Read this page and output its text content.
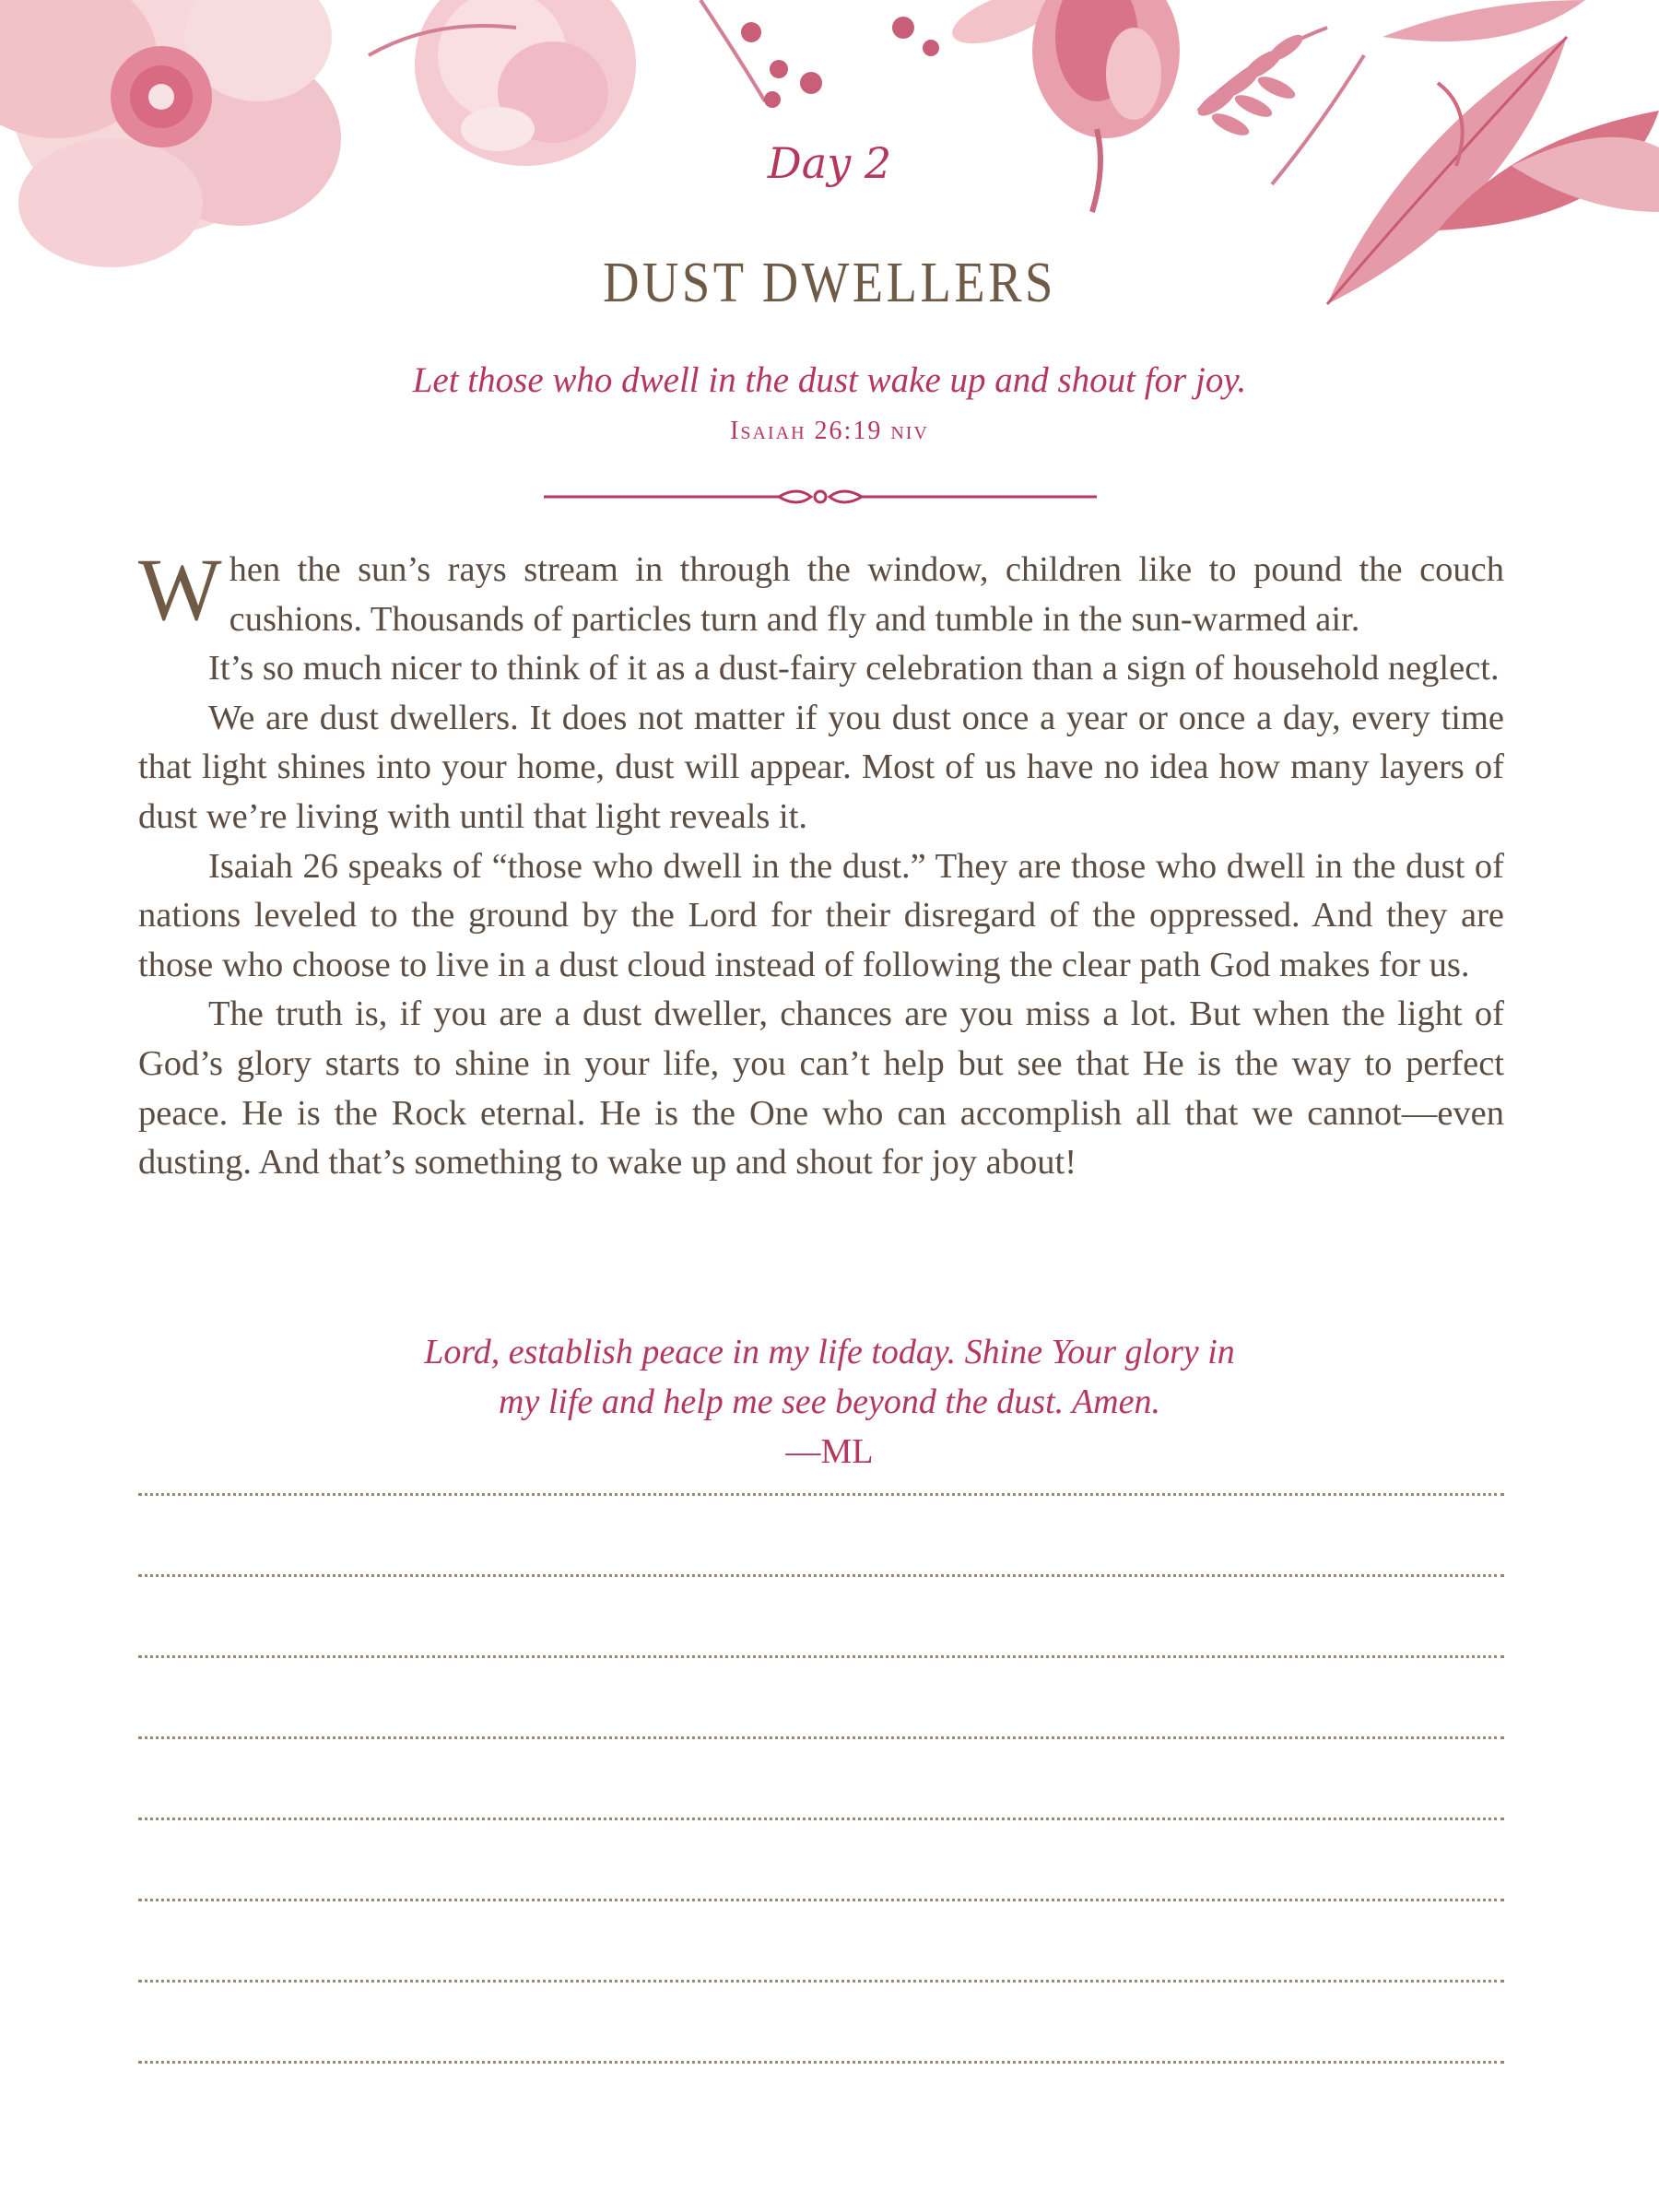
Day 2
DUST DWELLERS
Let those who dwell in the dust wake up and shout for joy.
Isaiah 26:19 niv

When the sun’s rays stream in through the window, children like to pound the couch cushions. Thousands of particles turn and fly and tumble in the sun-warmed air.

It’s so much nicer to think of it as a dust-fairy celebration than a sign of household neglect.

We are dust dwellers. It does not matter if you dust once a year or once a day, every time that light shines into your home, dust will appear. Most of us have no idea how many layers of dust we’re living with until that light reveals it.

Isaiah 26 speaks of “those who dwell in the dust.” They are those who dwell in the dust of nations leveled to the ground by the Lord for their disregard of the oppressed. And they are those who choose to live in a dust cloud instead of following the clear path God makes for us.

The truth is, if you are a dust dweller, chances are you miss a lot. But when the light of God’s glory starts to shine in your life, you can’t help but see that He is the way to perfect peace. He is the Rock eternal. He is the One who can accomplish all that we cannot—even dusting. And that’s something to wake up and shout for joy about!

Lord, establish peace in my life today. Shine Your glory in
my life and help me see beyond the dust. Amen.
—ML
